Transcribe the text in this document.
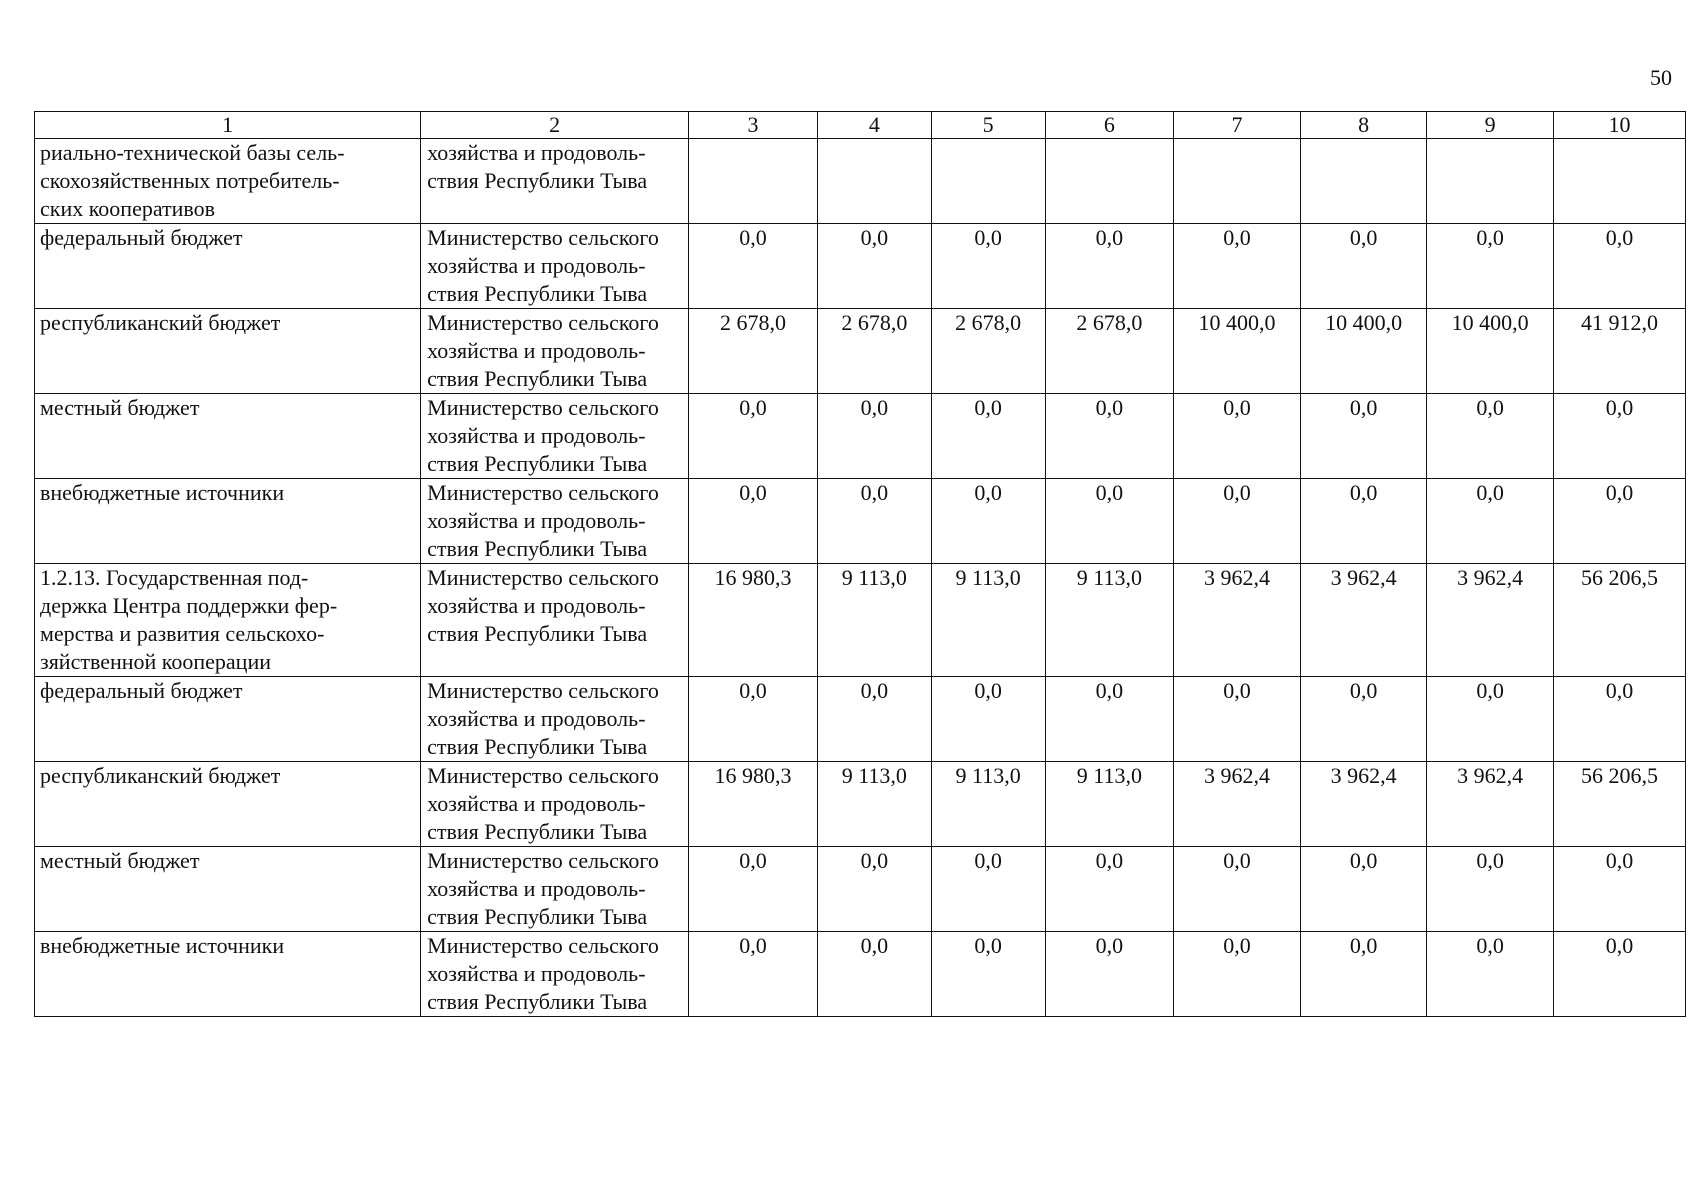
50
1	2	3	4	5	6	7	8	9	10

риально-технической базы сель-
скохозяйственных потребитель-
ских кооперативов	хозяйства и продоволь-
ствия Республики Тыва								

федеральный бюджет	Министерство сельского
хозяйства и продоволь-
ствия Республики Тыва	0,0	0,0	0,0	0,0	0,0	0,0	0,0	0,0

республиканский бюджет	Министерство сельского
хозяйства и продоволь-
ствия Республики Тыва	2 678,0	2 678,0	2 678,0	2 678,0	10 400,0	10 400,0	10 400,0	41 912,0

местный бюджет	Министерство сельского
хозяйства и продоволь-
ствия Республики Тыва	0,0	0,0	0,0	0,0	0,0	0,0	0,0	0,0

внебюджетные источники	Министерство сельского
хозяйства и продоволь-
ствия Республики Тыва	0,0	0,0	0,0	0,0	0,0	0,0	0,0	0,0

1.2.13. Государственная под-
держка Центра поддержки фер-
мерства и развития сельскохо-
зяйственной кооперации	Министерство сельского
хозяйства и продоволь-
ствия Республики Тыва	16 980,3	9 113,0	9 113,0	9 113,0	3 962,4	3 962,4	3 962,4	56 206,5

федеральный бюджет	Министерство сельского
хозяйства и продоволь-
ствия Республики Тыва	0,0	0,0	0,0	0,0	0,0	0,0	0,0	0,0

республиканский бюджет	Министерство сельского
хозяйства и продоволь-
ствия Республики Тыва	16 980,3	9 113,0	9 113,0	9 113,0	3 962,4	3 962,4	3 962,4	56 206,5

местный бюджет	Министерство сельского
хозяйства и продоволь-
ствия Республики Тыва	0,0	0,0	0,0	0,0	0,0	0,0	0,0	0,0

внебюджетные источники	Министерство сельского
хозяйства и продоволь-
ствия Республики Тыва	0,0	0,0	0,0	0,0	0,0	0,0	0,0	0,0
